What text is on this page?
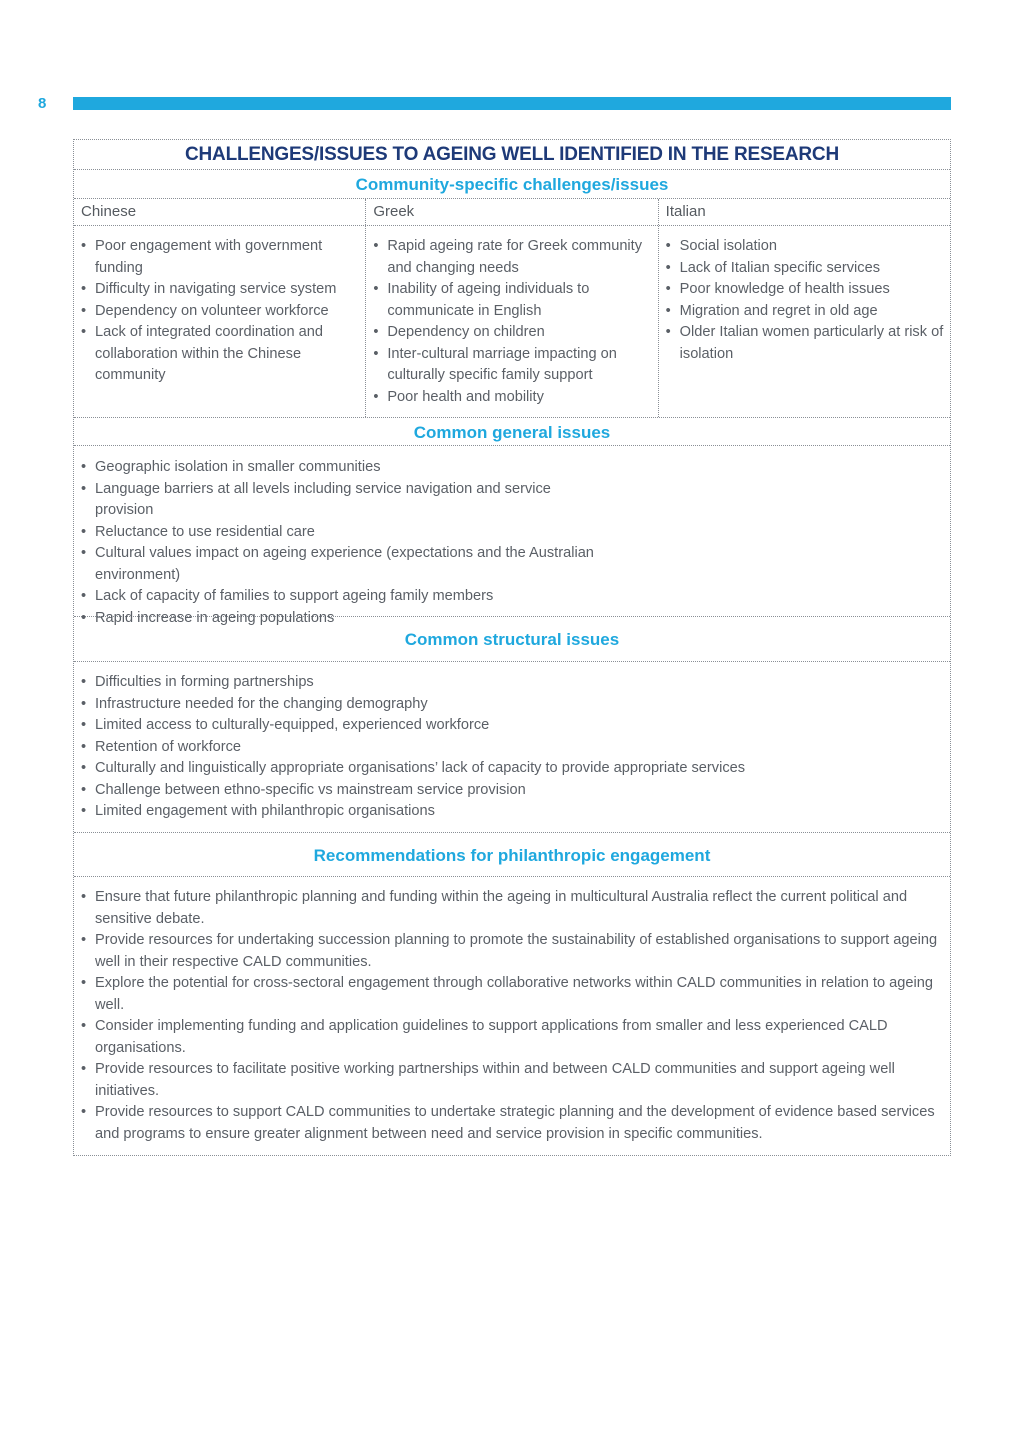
8
CHALLENGES/ISSUES TO AGEING WELL IDENTIFIED IN THE RESEARCH
Community-specific challenges/issues
Chinese	Greek	Italian
• Poor engagement with government funding
• Difficulty in navigating service system
• Dependency on volunteer workforce
• Lack of integrated coordination and collaboration within the Chinese community
• Rapid ageing rate for Greek community and changing needs
• Inability of ageing individuals to communicate in English
• Dependency on children
• Inter-cultural marriage impacting on culturally specific family support
• Poor health and mobility
• Social isolation
• Lack of Italian specific services
• Poor knowledge of health issues
• Migration and regret in old age
• Older Italian women particularly at risk of isolation
Common general issues
• Geographic isolation in smaller communities
• Language barriers at all levels including service navigation and service provision
• Reluctance to use residential care
• Cultural values impact on ageing experience (expectations and the Australian environment)
• Lack of capacity of families to support ageing family members
• Rapid increase in ageing populations
Common structural issues
• Difficulties in forming partnerships
• Infrastructure needed for the changing demography
• Limited access to culturally-equipped, experienced workforce
• Retention of workforce
• Culturally and linguistically appropriate organisations’ lack of capacity to provide appropriate services
• Challenge between ethno-specific vs mainstream service provision
• Limited engagement with philanthropic organisations
Recommendations for philanthropic engagement
• Ensure that future philanthropic planning and funding within the ageing in multicultural Australia reflect the current political and sensitive debate.
• Provide resources for undertaking succession planning to promote the sustainability of established organisations to support ageing well in their respective CALD communities.
• Explore the potential for cross-sectoral engagement through collaborative networks within CALD communities in relation to ageing well.
• Consider implementing funding and application guidelines to support applications from smaller and less experienced CALD organisations.
• Provide resources to facilitate positive working partnerships within and between CALD communities and support ageing well initiatives.
• Provide resources to support CALD communities to undertake strategic planning and the development of evidence based services and programs to ensure greater alignment between need and service provision in specific communities.
